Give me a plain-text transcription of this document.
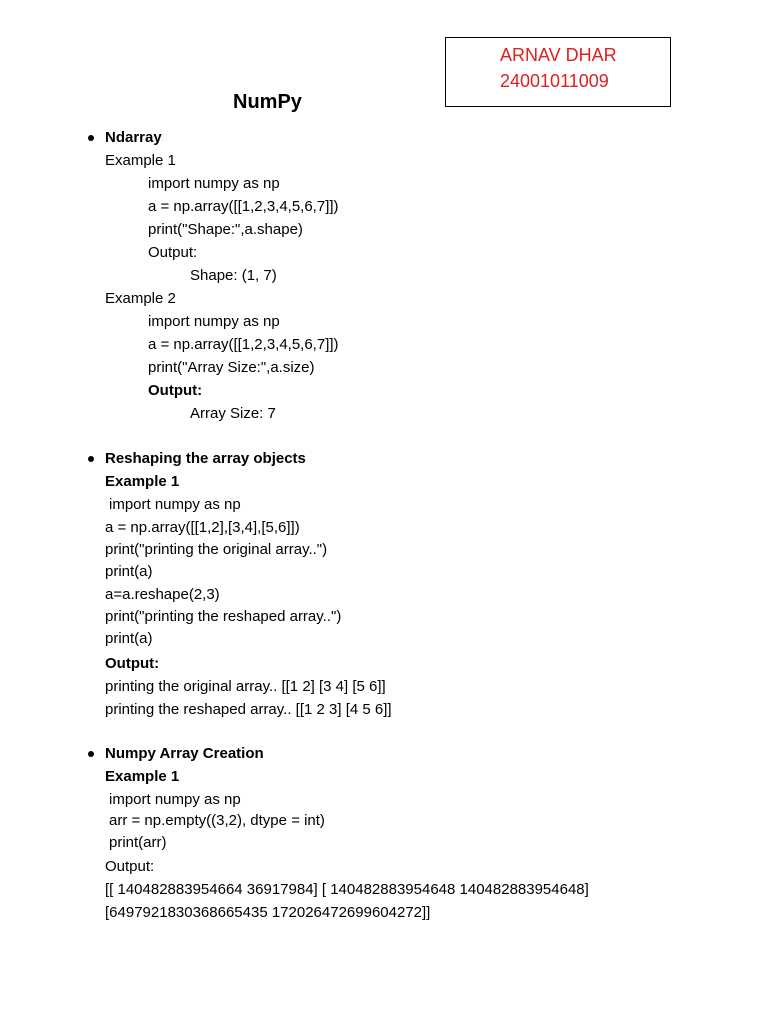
ARNAV DHAR
24001011009
NumPy
Ndarray
Example 1
import numpy as np
a = np.array([[1,2,3,4,5,6,7]])
print("Shape:",a.shape)
Output:
Shape: (1, 7)
Example 2
import numpy as np
a = np.array([[1,2,3,4,5,6,7]])
print("Array Size:",a.size)
Output:
Array Size: 7
Reshaping the array objects
Example 1
import numpy as np
a = np.array([[1,2],[3,4],[5,6]])
print("printing the original array..")
print(a)
a=a.reshape(2,3)
print("printing the reshaped array..")
print(a)
Output:
printing the original array.. [[1 2] [3 4] [5 6]]
printing the reshaped array.. [[1 2 3] [4 5 6]]
Numpy Array Creation
Example 1
import numpy as np
arr = np.empty((3,2), dtype = int)
print(arr)
Output:
[[ 140482883954664 36917984] [ 140482883954648 140482883954648]
[6497921830368665435 172026472699604272]]
